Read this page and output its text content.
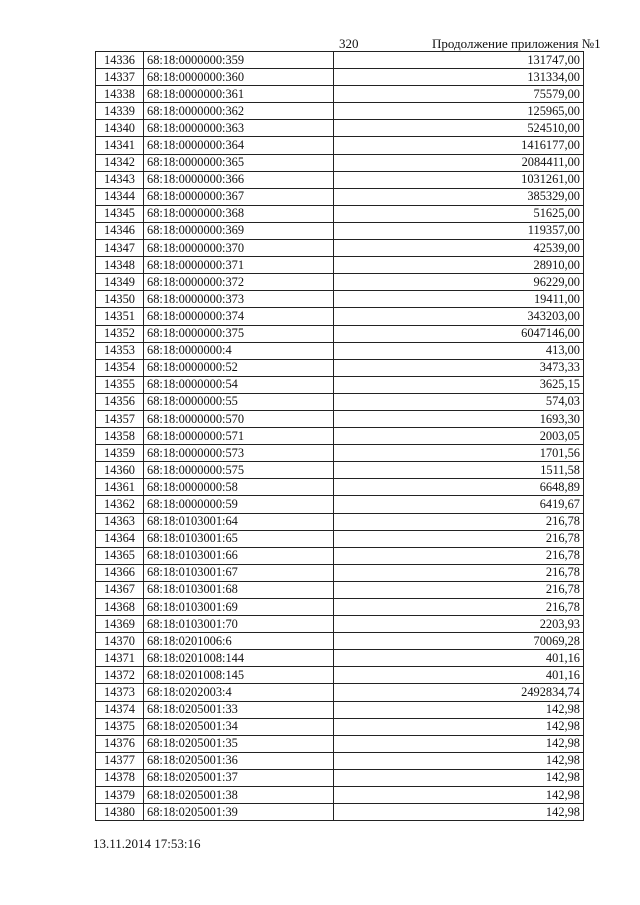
320	Продолжение приложения №1
14336	68:18:0000000:359	131747,00
14337	68:18:0000000:360	131334,00
14338	68:18:0000000:361	75579,00
14339	68:18:0000000:362	125965,00
14340	68:18:0000000:363	524510,00
14341	68:18:0000000:364	1416177,00
14342	68:18:0000000:365	2084411,00
14343	68:18:0000000:366	1031261,00
14344	68:18:0000000:367	385329,00
14345	68:18:0000000:368	51625,00
14346	68:18:0000000:369	119357,00
14347	68:18:0000000:370	42539,00
14348	68:18:0000000:371	28910,00
14349	68:18:0000000:372	96229,00
14350	68:18:0000000:373	19411,00
14351	68:18:0000000:374	343203,00
14352	68:18:0000000:375	6047146,00
14353	68:18:0000000:4	413,00
14354	68:18:0000000:52	3473,33
14355	68:18:0000000:54	3625,15
14356	68:18:0000000:55	574,03
14357	68:18:0000000:570	1693,30
14358	68:18:0000000:571	2003,05
14359	68:18:0000000:573	1701,56
14360	68:18:0000000:575	1511,58
14361	68:18:0000000:58	6648,89
14362	68:18:0000000:59	6419,67
14363	68:18:0103001:64	216,78
14364	68:18:0103001:65	216,78
14365	68:18:0103001:66	216,78
14366	68:18:0103001:67	216,78
14367	68:18:0103001:68	216,78
14368	68:18:0103001:69	216,78
14369	68:18:0103001:70	2203,93
14370	68:18:0201006:6	70069,28
14371	68:18:0201008:144	401,16
14372	68:18:0201008:145	401,16
14373	68:18:0202003:4	2492834,74
14374	68:18:0205001:33	142,98
14375	68:18:0205001:34	142,98
14376	68:18:0205001:35	142,98
14377	68:18:0205001:36	142,98
14378	68:18:0205001:37	142,98
14379	68:18:0205001:38	142,98
14380	68:18:0205001:39	142,98
13.11.2014 17:53:16
